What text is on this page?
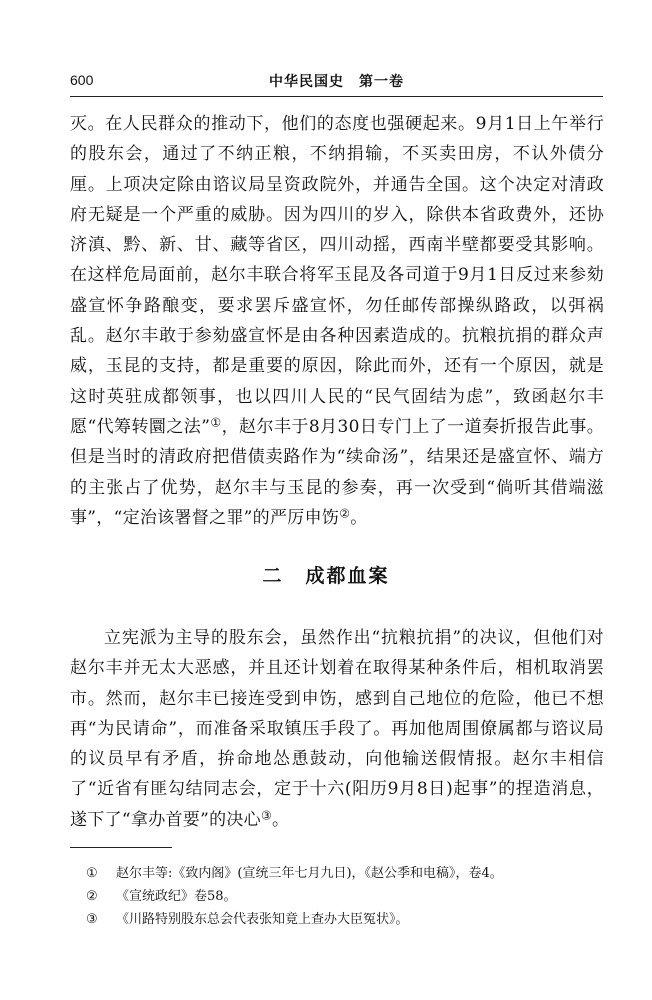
600	中华民国史　第一卷

灭。在人民群众的推动下，他们的态度也强硬起来。9月1日上午举行的股东会，通过了不纳正粮，不纳捐输，不买卖田房，不认外债分厘。上项决定除由谘议局呈资政院外，并通告全国。这个决定对清政府无疑是一个严重的威胁。因为四川的岁入，除供本省政费外，还协济滇、黔、新、甘、藏等省区，四川动摇，西南半壁都要受其影响。在这样危局面前，赵尔丰联合将军玉昆及各司道于9月1日反过来参劾盛宣怀争路酿变，要求罢斥盛宣怀，勿任邮传部操纵路政，以弭祸乱。赵尔丰敢于参劾盛宣怀是由各种因素造成的。抗粮抗捐的群众声威，玉昆的支持，都是重要的原因，除此而外，还有一个原因，就是这时英驻成都领事，也以四川人民的“民气固结为虑”，致函赵尔丰愿“代筹转圜之法”①，赵尔丰于8月30日专门上了一道奏折报告此事。但是当时的清政府把借债卖路作为“续命汤”，结果还是盛宣怀、端方的主张占了优势，赵尔丰与玉昆的参奏，再一次受到“倘听其借端滋事”，“定治该署督之罪”的严厉申饬②。

二 成都血案

立宪派为主导的股东会，虽然作出“抗粮抗捐”的决议，但他们对赵尔丰并无太大恶感，并且还计划着在取得某种条件后，相机取消罢市。然而，赵尔丰已接连受到申饬，感到自己地位的危险，他已不想再“为民请命”，而准备采取镇压手段了。再加他周围僚属都与谘议局的议员早有矛盾，拚命地怂恿鼓动，向他输送假情报。赵尔丰相信了“近省有匪勾结同志会，定于十六(阳历9月8日)起事”的捏造消息，遂下了“拿办首要”的决心③。

① 赵尔丰等:《致内阁》(宣统三年七月九日)，《赵公季和电稿》，卷4。
② 《宣统政纪》卷58。
③ 《川路特别股东总会代表张知竟上查办大臣冤状》。
